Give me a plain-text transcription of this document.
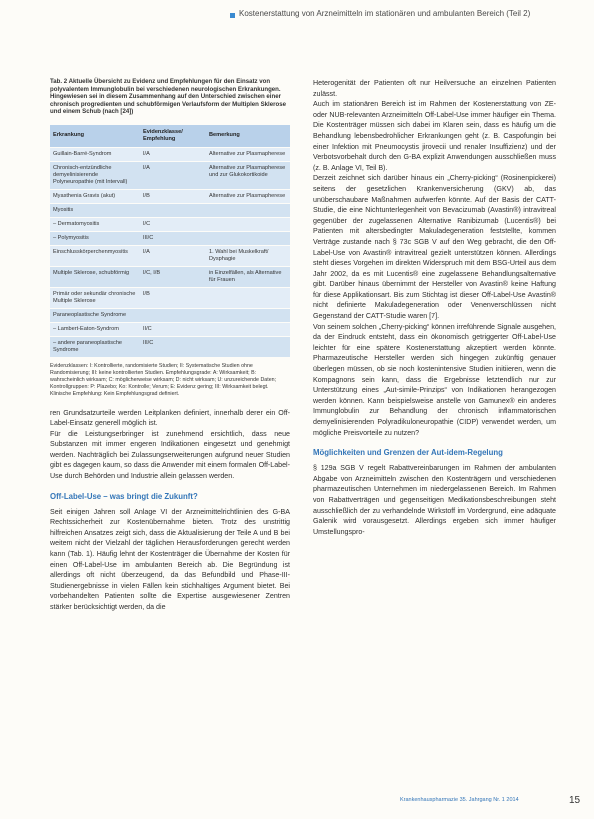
Kostenerstattung von Arzneimitteln im stationären und ambulanten Bereich (Teil 2)

Tab. 2 Aktuelle Übersicht zu Evidenz und Empfehlungen für den Einsatz von polyvalentem Immunglobulin bei verschiedenen neurologischen Erkrankungen. Hingewiesen sei in diesem Zusammenhang auf den Unterschied zwischen einer chronisch progredienten und schubförmigen Verlaufsform der Multiplen Sklerose und einem Schub (nach [24])

Erkrankung	Evidenzklasse/ Empfehlung	Bemerkung
Guillain-Barré-Syndrom	I/A	Alternative zur Plasmapherese
Chronisch-entzündliche demyelinisierende Polyneuropathie (mit Intervall)	I/A	Alternative zur Plasmapherese und zur Glukokortikoide
Myasthenia Gravis (akut)	I/B	Alternative zur Plasmapherese
Myositis		
– Dermatomyositis	I/C	
– Polymyositis	III/C	
Einschlusskörperchenmyositis	I/A	1. Wahl bei Muskelkraft/ Dysphagie
Multiple Sklerose, schubförmig	I/C, I/B	in Einzelfällen, als Alternative für Frauen
Primär oder sekundär chronische Multiple Sklerose	I/B	
Paraneoplastische Syndrome		
– Lambert-Eaton-Syndrom	II/C	
– andere paraneoplastische Syndrome	III/C	

Evidenzklassen: I: Kontrollierte, randomisierte Studien; II: Systematische Studien ohne Randomisierung; III: keine kontrollierten Studien. Empfehlungsgrade: A: Wirksamkeit; B: wahrscheinlich wirksam; C: möglicherweise wirksam; D: nicht wirksam; U: unzureichende Daten; Kontrollgruppen: P: Plazebo; Ko: Kontrolle; Verum; E: Evidenz gering; III: Wirksamkeit belegt. Klinische Empfehlung: Kein Empfehlungsgrad definiert.

ren Grundsatzurteile werden Leitplanken definiert, innerhalb derer ein Off-Label-Einsatz generell möglich ist.

Für die Leistungserbringer ist zunehmend ersichtlich, dass neue Substanzen mit immer engeren Indikationen eingesetzt und genehmigt werden. Nachträglich bei Zulassungserweiterungen aufgrund neuer Studien gibt es dagegen kaum, so dass die Anwender mit einem formalen Off-Label-Use durch Behörden und Industrie allein gelassen werden.

Off-Label-Use – was bringt die Zukunft?

Seit einigen Jahren soll Anlage VI der Arzneimittelrichtlinien des G-BA Rechtssicherheit zur Kostenübernahme bieten. Trotz des unstrittig hilfreichen Ansatzes zeigt sich, dass die Aktualisierung der Teile A und B bei weitem nicht der Vielzahl der täglichen Herausforderungen gerecht werden kann (Tab. 1). Häufig lehnt der Kostenträger die Übernahme der Kosten für einen Off-Label-Use im ambulanten Bereich ab. Die Begründung ist allerdings oft nicht überzeugend, da das Befundbild und Phase-III-Studienergebnisse in vielen Fällen kein stichhaltiges Argument bietet. Bei vorbehandelten Patienten sollte die Expertise ausgewiesener Zentren stärker berücksichtigt werden, da die

Heterogenität der Patienten oft nur Heilversuche an einzelnen Patienten zulässt.

Auch im stationären Bereich ist im Rahmen der Kostenerstattung von ZE- oder NUB-relevanten Arzneimitteln Off-Label-Use immer häufiger ein Thema. Die Kostenträger müssen sich dabei im Klaren sein, dass es häufig um die Behandlung lebensbedrohlicher Erkrankungen geht (z. B. Caspofungin bei einer Infektion mit Pneumocystis jirovecii und renaler Insuffizienz) und der Verbotsvorbehalt durch den G-BA explizit Anwendungen ausschließen muss (z. B. Anlage VI, Teil B).

Derzeit zeichnet sich darüber hinaus ein „Cherry-picking“ (Rosinenpickerei) seitens der gesetzlichen Krankenversicherung (GKV) ab, das unüberschaubare Maßnahmen aufwerfen könnte. Auf der Basis der CATT-Studie, die eine Nichtunterlegenheit von Bevacizumab (Avastin®) intravitreal gegenüber der zugelassenen Alternative Ranibizumab (Lucentis®) bei Patienten mit altersbedingter Makuladegeneration feststellte, kommen Verträge zustande nach § 73c SGB V auf den Weg gebracht, die den Off-Label-Use von Avastin® intravitreal gezielt unterstützen können. Allerdings steht dieses Vorgehen im direkten Widerspruch mit dem BSG-Urteil aus dem Jahr 2002, da es mit Lucentis® eine zugelassene Behandlungsalternative gibt. Darüber hinaus übernimmt der Hersteller von Avastin® keine Haftung für diese Applikationsart. Bis zum Stichtag ist dieser Off-Label-Use Avastin® nicht definierte Makuladegeneration oder Venenverschlüssen nicht Gegenstand der CATT-Studie waren [7].

Von seinem solchen „Cherry-picking“ können irreführende Signale ausgehen, da der Eindruck entsteht, dass ein ökonomisch getriggerter Off-Label-Use leichter für eine spätere Kostenerstattung akzeptiert werden könnte. Pharmazeutische Hersteller werden sich hingegen zukünftig genauer überlegen müssen, ob sie noch kostenintensive Studien initiieren, wenn die Kompagnons sein kann, dass die Ergebnisse letztendlich nur zur Unterstützung eines „Aut-simile-Prinzips“ von Indikationen herangezogen werden können. Kann beispielsweise anstelle von Gamunex® ein anderes Immunglobulin zur Behandlung der chronisch inflammatorischen demyelinisierenden Polyradikuloneuropathie (CIDP) verwendet werden, um mögliche Preisvorteile zu nutzen?

Möglichkeiten und Grenzen der Aut-idem-Regelung

§ 129a SGB V regelt Rabattvereinbarungen im Rahmen der ambulanten Abgabe von Arzneimitteln zwischen den Kostenträgern und verschiedenen pharmazeutischen Unternehmen im niedergelassenen Bereich. Im Rahmen von Rabattverträgen und gegenseitigen Medikationsbeschreibungen steht ausschließlich der zu verhandelnde Wirkstoff im Vordergrund, eine adäquate Galenik wird vorausgesetzt. Allerdings ergeben sich immer häufiger Umstellungspro-

Krankenhauspharmazie 35. Jahrgang Nr. 1 2014	15
